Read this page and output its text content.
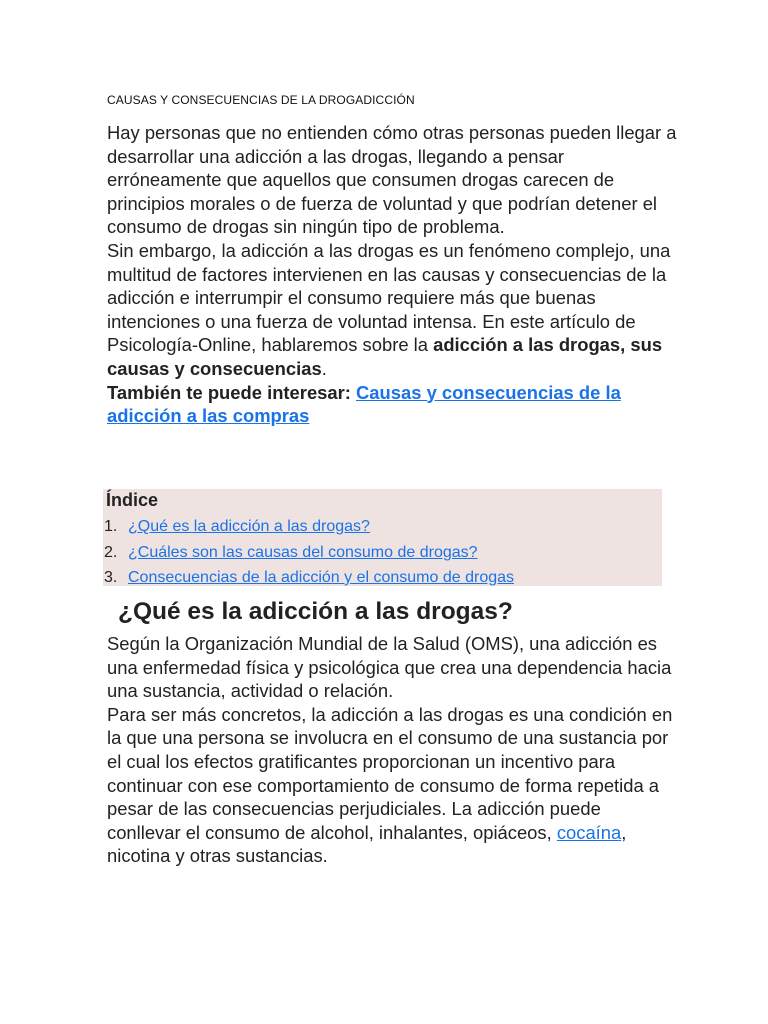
CAUSAS Y CONSECUENCIAS DE LA DROGADICCIÓN

Hay personas que no entienden cómo otras personas pueden llegar a desarrollar una adicción a las drogas, llegando a pensar erróneamente que aquellos que consumen drogas carecen de principios morales o de fuerza de voluntad y que podrían detener el consumo de drogas sin ningún tipo de problema.

Sin embargo, la adicción a las drogas es un fenómeno complejo, una multitud de factores intervienen en las causas y consecuencias de la adicción e interrumpir el consumo requiere más que buenas intenciones o una fuerza de voluntad intensa. En este artículo de Psicología-Online, hablaremos sobre la adicción a las drogas, sus causas y consecuencias.

También te puede interesar: Causas y consecuencias de la adicción a las compras

Índice
1. ¿Qué es la adicción a las drogas?
2. ¿Cuáles son las causas del consumo de drogas?
3. Consecuencias de la adicción y el consumo de drogas
¿Qué es la adicción a las drogas?

Según la Organización Mundial de la Salud (OMS), una adicción es una enfermedad física y psicológica que crea una dependencia hacia una sustancia, actividad o relación.

Para ser más concretos, la adicción a las drogas es una condición en la que una persona se involucra en el consumo de una sustancia por el cual los efectos gratificantes proporcionan un incentivo para continuar con ese comportamiento de consumo de forma repetida a pesar de las consecuencias perjudiciales. La adicción puede conllevar el consumo de alcohol, inhalantes, opiáceos, cocaína, nicotina y otras sustancias.
